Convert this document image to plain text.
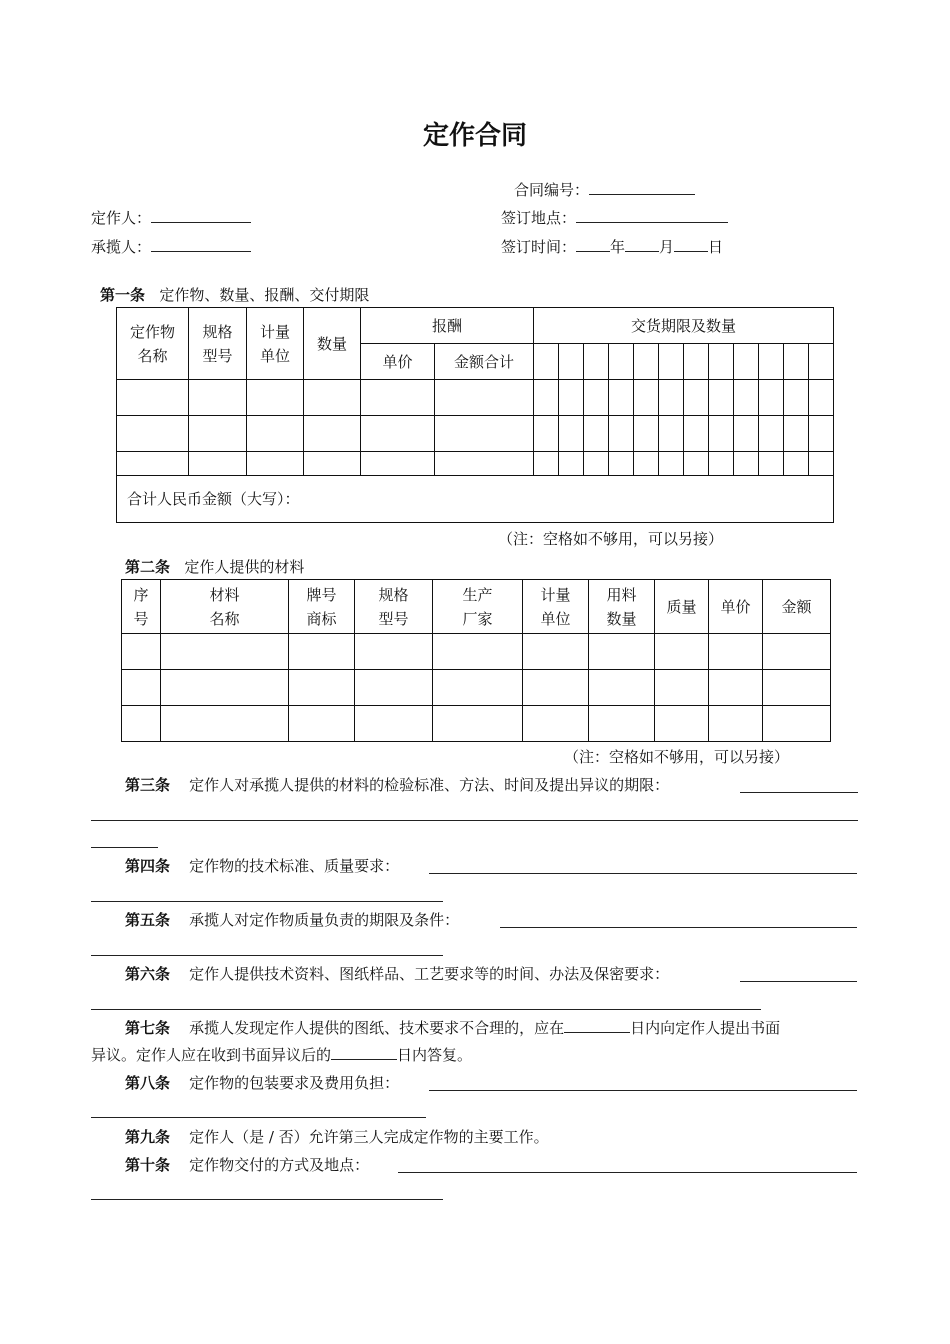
定作合同
合同编号：
定作人：	签订地点：
承揽人：	签订时间： 年 月 日
第一条 定作物、数量、报酬、交付期限
定作物名称	规格型号	计量单位	数量	报酬		交货期限及数量											
				单价	金额合计												

合计人民币金额（大写）：																	
（注：空格如不够用，可以另接）
第二条 定作人提供的材料
序号	材料名称	牌号商标	规格型号	生产厂家	计量单位	用料数量	质量	单价	金额

（注：空格如不够用，可以另接）
第三条 定作人对承揽人提供的材料的检验标准、方法、时间及提出异议的期限：
第四条 定作物的技术标准、质量要求：
第五条 承揽人对定作物质量负责的期限及条件：
第六条 定作人提供技术资料、图纸样品、工艺要求等的时间、办法及保密要求：
第七条 承揽人发现定作人提供的图纸、技术要求不合理的，应在	日内向定作人提出书面
异议。定作人应在收到书面异议后的	日内答复。
第八条 定作物的包装要求及费用负担：
第九条 定作人（是 / 否）允许第三人完成定作物的主要工作。
第十条 定作物交付的方式及地点：
